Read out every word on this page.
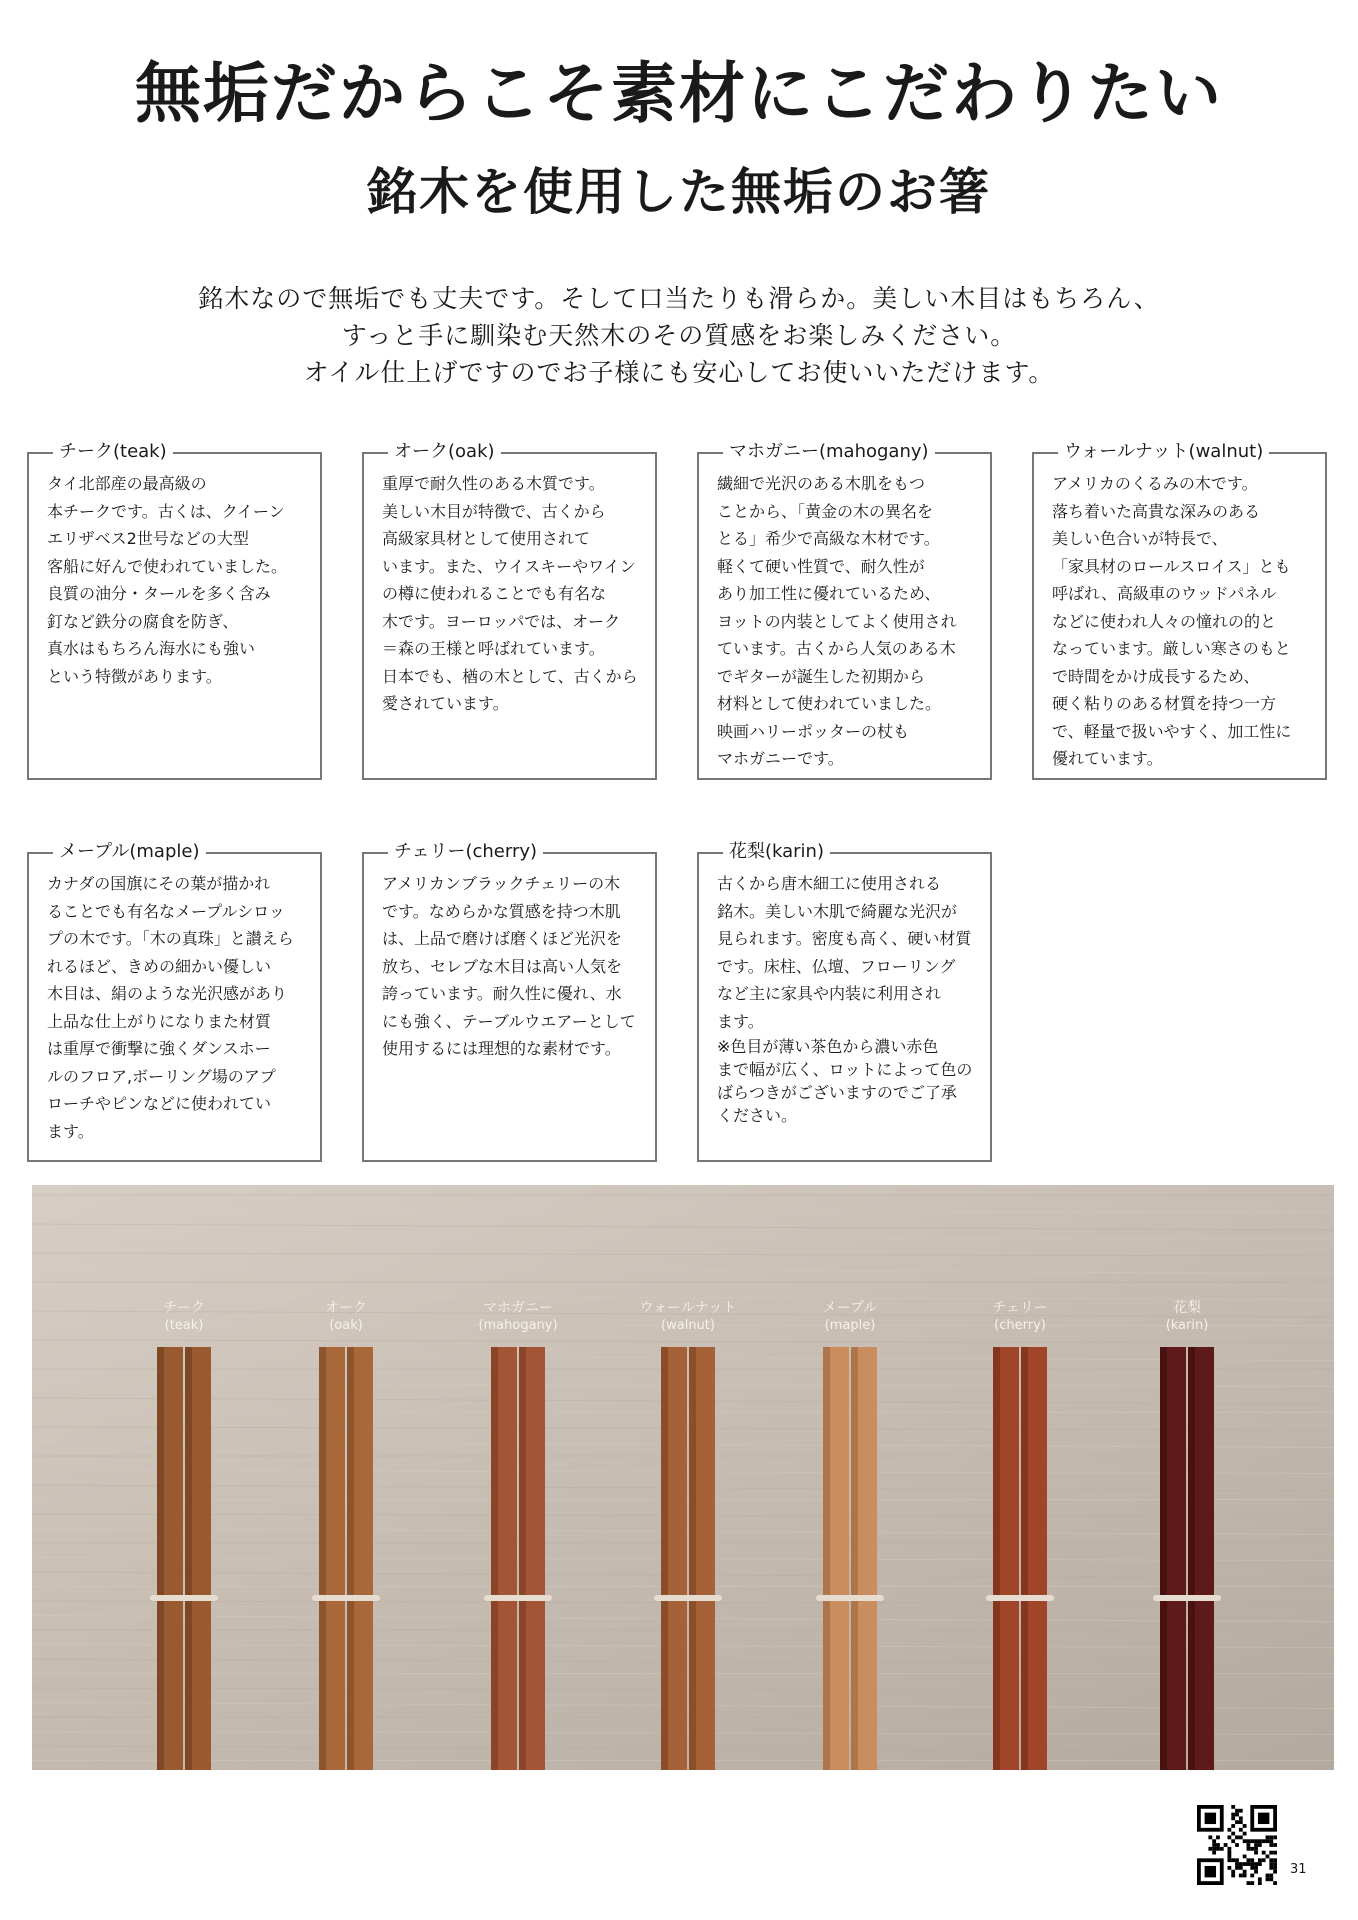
無垢だからこそ素材にこだわりたい
銘木を使用した無垢のお箸

銘木なので無垢でも丈夫です。そして口当たりも滑らか。美しい木目はもちろん、

すっと手に馴染む天然木のその質感をお楽しみください。

オイル仕上げですのでお子様にも安心してお使いいただけます。

チーク(teak)

タイ北部産の最高級の

本チークです。古くは、クイーン

エリザベス2世号などの大型

客船に好んで使われていました。

良質の油分・タールを多く含み

釘など鉄分の腐食を防ぎ、

真水はもちろん海水にも強い

という特徴があります。

オーク(oak)

重厚で耐久性のある木質です。

美しい木目が特徴で、古くから

高級家具材として使用されて

います。また、ウイスキーやワイン

の樽に使われることでも有名な

木です。ヨーロッパでは、オーク

＝森の王様と呼ばれています。

日本でも、楢の木として、古くから

愛されています。

マホガニー(mahogany)

繊細で光沢のある木肌をもつ

ことから、「黄金の木の異名を

とる」希少で高級な木材です。

軽くて硬い性質で、耐久性が

あり加工性に優れているため、

ヨットの内装としてよく使用され

ています。古くから人気のある木

でギターが誕生した初期から

材料として使われていました。

映画ハリーポッターの杖も

マホガニーです。

ウォールナット(walnut)

アメリカのくるみの木です。

落ち着いた高貴な深みのある

美しい色合いが特長で、

「家具材のロールスロイス」とも

呼ばれ、高級車のウッドパネル

などに使われ人々の憧れの的と

なっています。厳しい寒さのもと

で時間をかけ成長するため、

硬く粘りのある材質を持つ一方

で、軽量で扱いやすく、加工性に

優れています。

メープル(maple)

カナダの国旗にその葉が描かれ

ることでも有名なメープルシロッ

プの木です。「木の真珠」と讃えら

れるほど、きめの細かい優しい

木目は、絹のような光沢感があり

上品な仕上がりになりまた材質

は重厚で衝撃に強くダンスホー

ルのフロア,ボーリング場のアプ

ローチやピンなどに使われてい

ます。

チェリー(cherry)

アメリカンブラックチェリーの木

です。なめらかな質感を持つ木肌

は、上品で磨けば磨くほど光沢を

放ち、セレブな木目は高い人気を

誇っています。耐久性に優れ、水

にも強く、テーブルウエアーとして

使用するには理想的な素材です。

花梨(karin)

古くから唐木細工に使用される

銘木。美しい木肌で綺麗な光沢が

見られます。密度も高く、硬い材質

です。床柱、仏壇、フローリング

など主に家具や内装に利用され

ます。

※色目が薄い茶色から濃い赤色

まで幅が広く、ロットによって色の

ばらつきがございますのでご了承

ください。

チーク
(teak)
オーク
(oak)
マホガニー
(mahogany)
ウォールナット
(walnut)
メープル
(maple)
チェリー
(cherry)
花梨
(karin)
31
